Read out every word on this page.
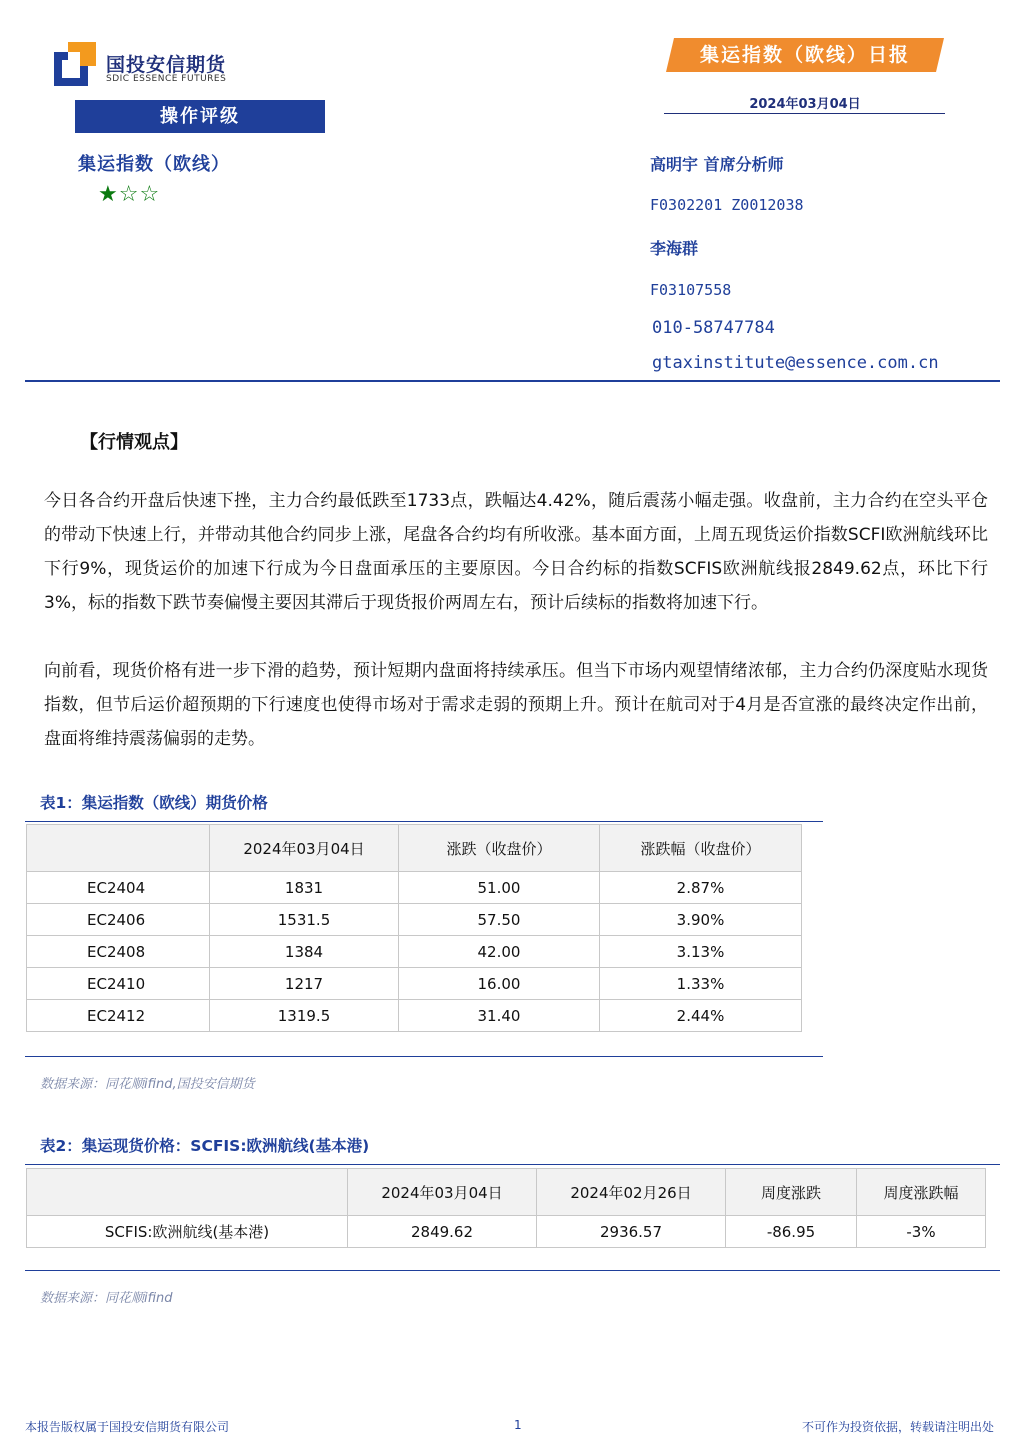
国投安信期货
SDIC ESSENCE FUTURES
集运指数（欧线）日报
2024年03月04日
操作评级
集运指数（欧线）
★☆☆
高明宇 首席分析师
F0302201 Z0012038
李海群
F03107558
010-58747784
gtaxinstitute@essence.com.cn
【行情观点】
今日各合约开盘后快速下挫，主力合约最低跌至1733点，跌幅达4.42%，随后震荡小幅走强。收盘前，主力合约在空头平仓的带动下快速上行，并带动其他合约同步上涨，尾盘各合约均有所收涨。基本面方面，上周五现货运价指数SCFI欧洲航线环比下行9%，现货运价的加速下行成为今日盘面承压的主要原因。今日合约标的指数SCFIS欧洲航线报2849.62点，环比下行3%，标的指数下跌节奏偏慢主要因其滞后于现货报价两周左右，预计后续标的指数将加速下行。
向前看，现货价格有进一步下滑的趋势，预计短期内盘面将持续承压。但当下市场内观望情绪浓郁，主力合约仍深度贴水现货指数，但节后运价超预期的下行速度也使得市场对于需求走弱的预期上升。预计在航司对于4月是否宣涨的最终决定作出前，盘面将维持震荡偏弱的走势。
表1：集运指数（欧线）期货价格
	2024年03月04日	涨跌（收盘价）	涨跌幅（收盘价）
EC2404	1831	51.00	2.87%
EC2406	1531.5	57.50	3.90%
EC2408	1384	42.00	3.13%
EC2410	1217	16.00	1.33%
EC2412	1319.5	31.40	2.44%
数据来源：同花顺ifind,国投安信期货
表2：集运现货价格：SCFIS:欧洲航线(基本港)
	2024年03月04日	2024年02月26日	周度涨跌	周度涨跌幅
SCFIS:欧洲航线(基本港)	2849.62	2936.57	-86.95	-3%
数据来源：同花顺ifind
本报告版权属于国投安信期货有限公司	1	不可作为投资依据，转载请注明出处
